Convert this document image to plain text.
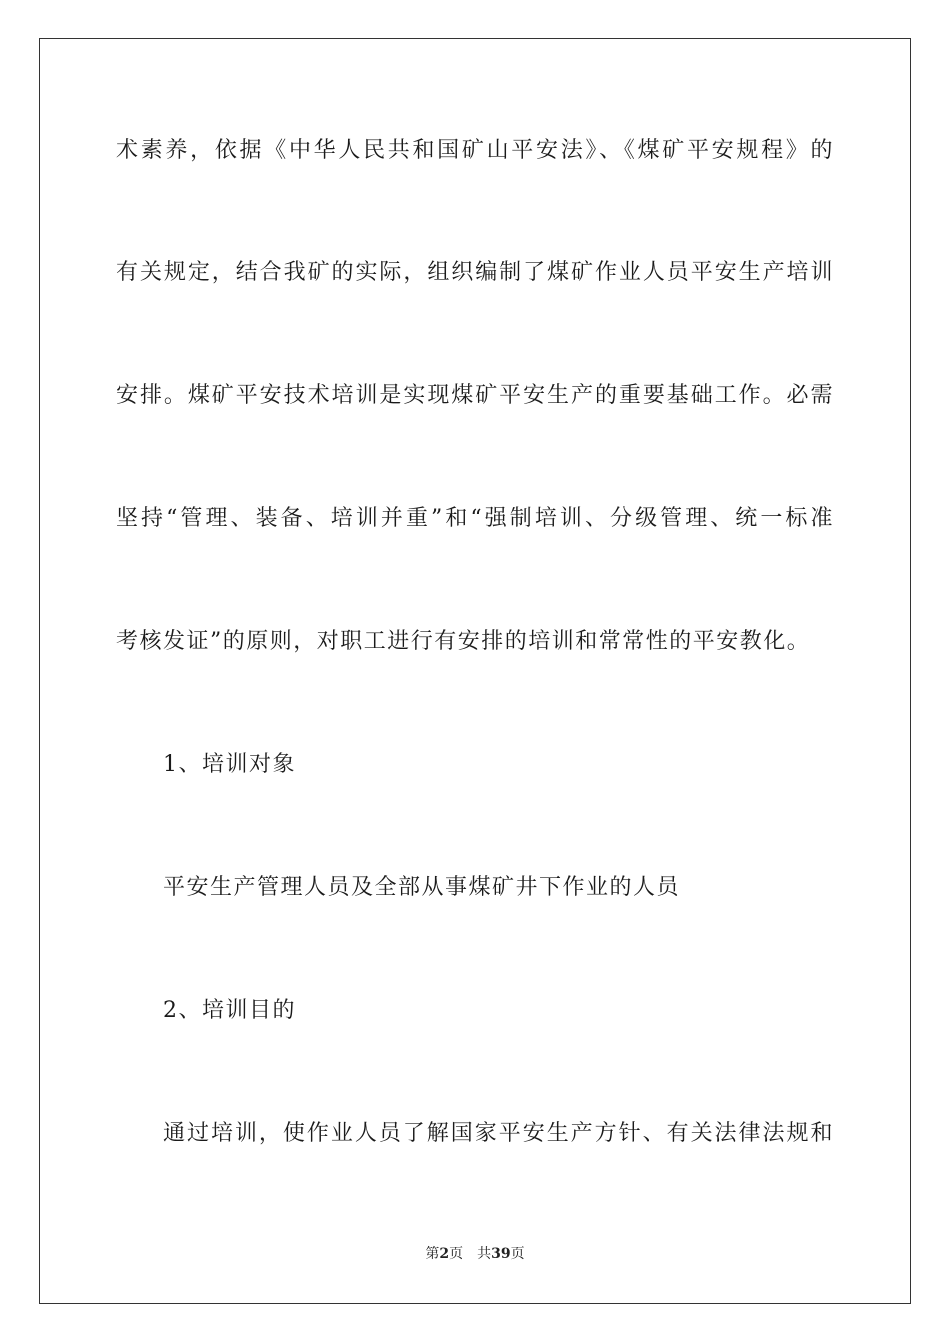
术素养，依据《中华人民共和国矿山平安法》、《煤矿平安规程》的
有关规定，结合我矿的实际，组织编制了煤矿作业人员平安生产培训
安排。煤矿平安技术培训是实现煤矿平安生产的重要基础工作。必需
坚持“管理、装备、培训并重”和“强制培训、分级管理、统一标准
考核发证”的原则，对职工进行有安排的培训和常常性的平安教化。
1、培训对象
平安生产管理人员及全部从事煤矿井下作业的人员
2、培训目的
通过培训，使作业人员了解国家平安生产方针、有关法律法规和
第2页 共39页
